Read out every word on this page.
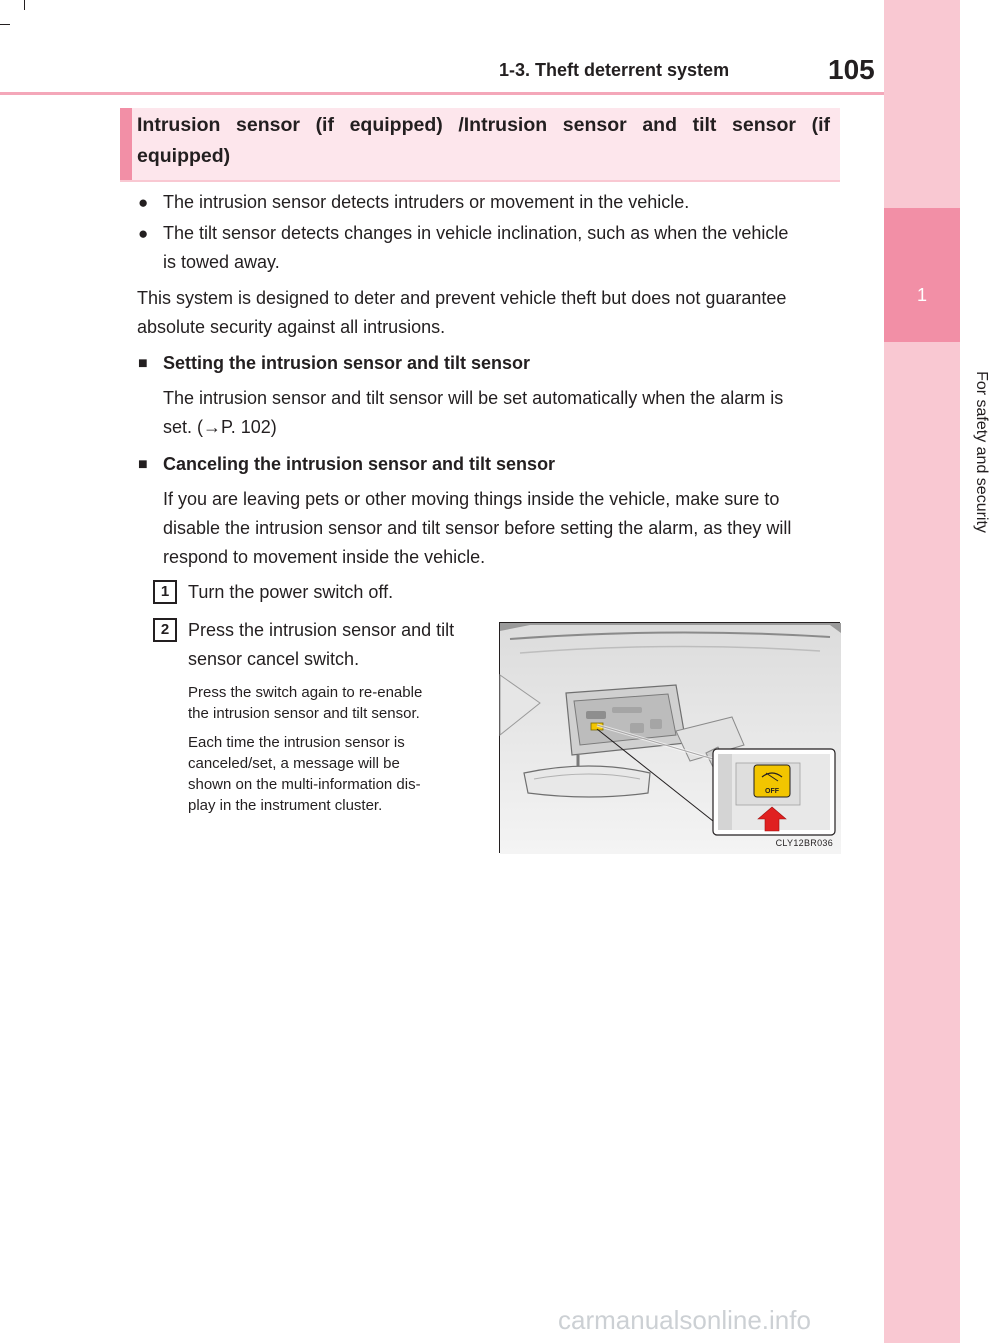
1
For safety and security
1-3. Theft deterrent system	105
Intrusion sensor (if equipped) /Intrusion sensor and tilt sensor (if equipped)
● The intrusion sensor detects intruders or movement in the vehicle.
● The tilt sensor detects changes in vehicle inclination, such as when the vehicle
is towed away.
This system is designed to deter and prevent vehicle theft but does not guarantee
absolute security against all intrusions.
■ Setting the intrusion sensor and tilt sensor
The intrusion sensor and tilt sensor will be set automatically when the alarm is
set. (→P. 102)
■ Canceling the intrusion sensor and tilt sensor
If you are leaving pets or other moving things inside the vehicle, make sure to
disable the intrusion sensor and tilt sensor before setting the alarm, as they will
respond to movement inside the vehicle.
1	Turn the power switch off.
2	Press the intrusion sensor and tilt
sensor cancel switch.
Press the switch again to re-enable
the intrusion sensor and tilt sensor.
Each time the intrusion sensor is
canceled/set, a message will be
shown on the multi-information dis-
play in the instrument cluster.
OFF
CLY12BR036
carmanualsonline.info
